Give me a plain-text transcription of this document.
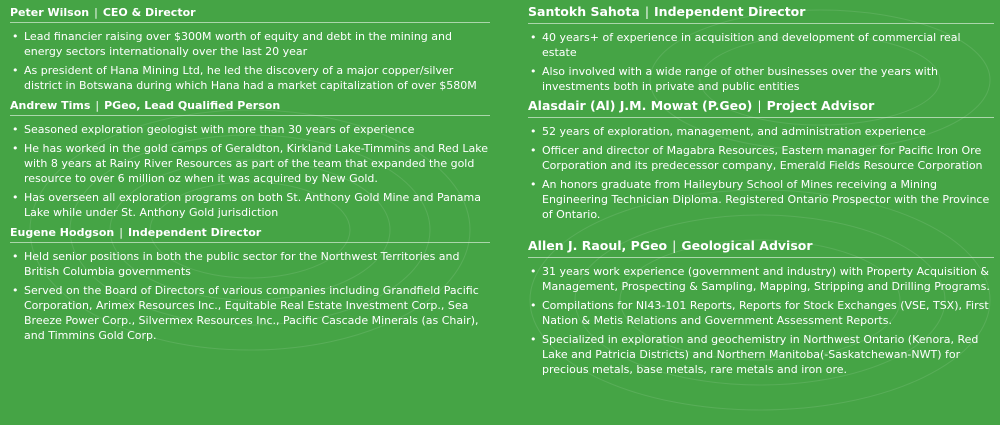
Peter Wilson | CEO & Director
• Lead financier raising over $300M worth of equity and debt in the mining and energy sectors internationally over the last 20 year
• As president of Hana Mining Ltd, he led the discovery of a major copper/silver district in Botswana during which Hana had a market capitalization of over $580M
Andrew Tims | PGeo, Lead Qualified Person
• Seasoned exploration geologist with more than 30 years of experience
• He has worked in the gold camps of Geraldton, Kirkland Lake-Timmins and Red Lake with 8 years at Rainy River Resources as part of the team that expanded the gold resource to over 6 million oz when it was acquired by New Gold.
• Has overseen all exploration programs on both St. Anthony Gold Mine and Panama Lake while under St. Anthony Gold jurisdiction
Eugene Hodgson | Independent Director
• Held senior positions in both the public sector for the Northwest Territories and British Columbia governments
• Served on the Board of Directors of various companies including Grandfield Pacific Corporation, Arimex Resources Inc., Equitable Real Estate Investment Corp., Sea Breeze Power Corp., Silvermex Resources Inc., Pacific Cascade Minerals (as Chair), and Timmins Gold Corp.
Santokh Sahota | Independent Director
• 40 years+ of experience in acquisition and development of commercial real estate
• Also involved with a wide range of other businesses over the years with investments both in private and public entities
Alasdair (Al) J.M. Mowat (P.Geo) | Project Advisor
• 52 years of exploration, management, and administration experience
• Officer and director of Magabra Resources, Eastern manager for Pacific Iron Ore Corporation and its predecessor company, Emerald Fields Resource Corporation
• An honors graduate from Haileybury School of Mines receiving a Mining Engineering Technician Diploma. Registered Ontario Prospector with the Province of Ontario.
Allen J. Raoul, PGeo | Geological Advisor
• 31 years work experience (government and industry) with Property Acquisition & Management, Prospecting & Sampling, Mapping, Stripping and Drilling Programs.
• Compilations for NI43-101 Reports, Reports for Stock Exchanges (VSE, TSX), First Nation & Metis Relations and Government Assessment Reports.
• Specialized in exploration and geochemistry in Northwest Ontario (Kenora, Red Lake and Patricia Districts) and Northern Manitoba(-Saskatchewan-NWT) for precious metals, base metals, rare metals and iron ore.
